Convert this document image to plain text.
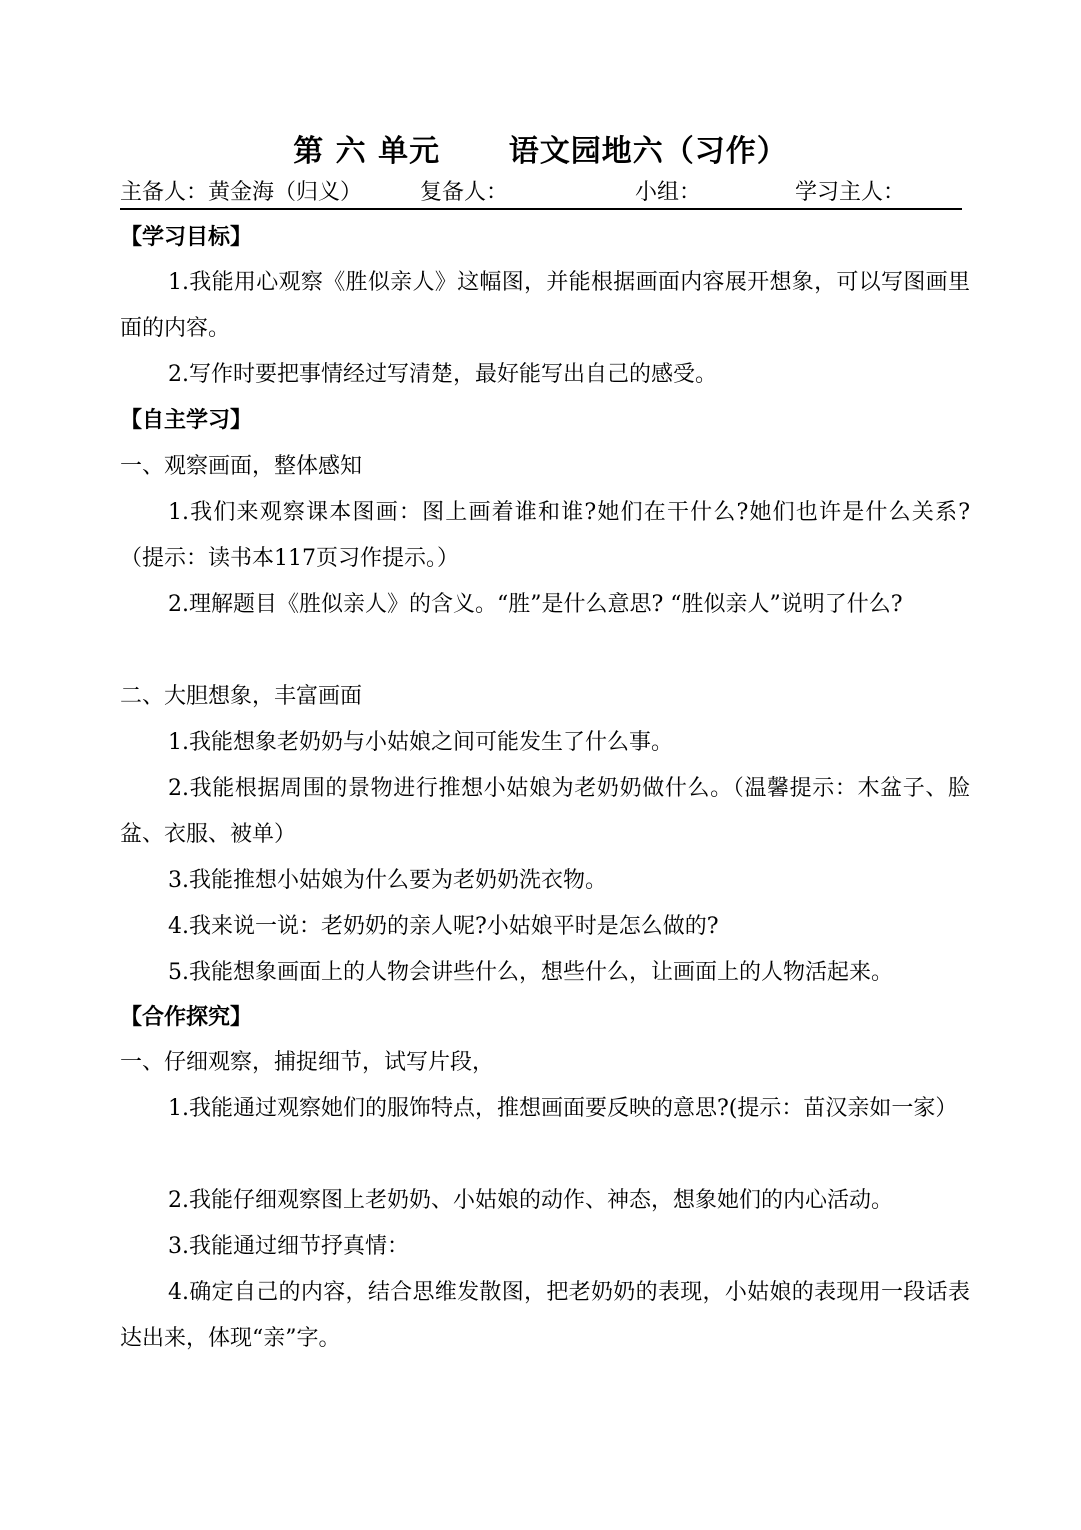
第 六 单元      语文园地六（习作）
主备人：黄金海（归义）	复备人：	小组：	学习主人：
【学习目标】

1.我能用心观察《胜似亲人》这幅图，并能根据画面内容展开想象，可以写图画里面的内容。

2.写作时要把事情经过写清楚，最好能写出自己的感受。

【自主学习】

一、观察画面，整体感知

1.我们来观察课本图画：图上画着谁和谁?她们在干什么?她们也许是什么关系?（提示：读书本117页习作提示。）

2.理解题目《胜似亲人》的含义。“胜”是什么意思? “胜似亲人”说明了什么?

二、大胆想象，丰富画面

1.我能想象老奶奶与小姑娘之间可能发生了什么事。

2.我能根据周围的景物进行推想小姑娘为老奶奶做什么。（温馨提示：木盆子、脸盆、衣服、被单）

3.我能推想小姑娘为什么要为老奶奶洗衣物。

4.我来说一说：老奶奶的亲人呢?小姑娘平时是怎么做的?

5.我能想象画面上的人物会讲些什么，想些什么，让画面上的人物活起来。

【合作探究】

一、仔细观察，捕捉细节，试写片段，

1.我能通过观察她们的服饰特点，推想画面要反映的意思?(提示：苗汉亲如一家）

2.我能仔细观察图上老奶奶、小姑娘的动作、神态，想象她们的内心活动。

3.我能通过细节抒真情：

4.确定自己的内容，结合思维发散图，把老奶奶的表现，小姑娘的表现用一段话表达出来，体现“亲”字。
